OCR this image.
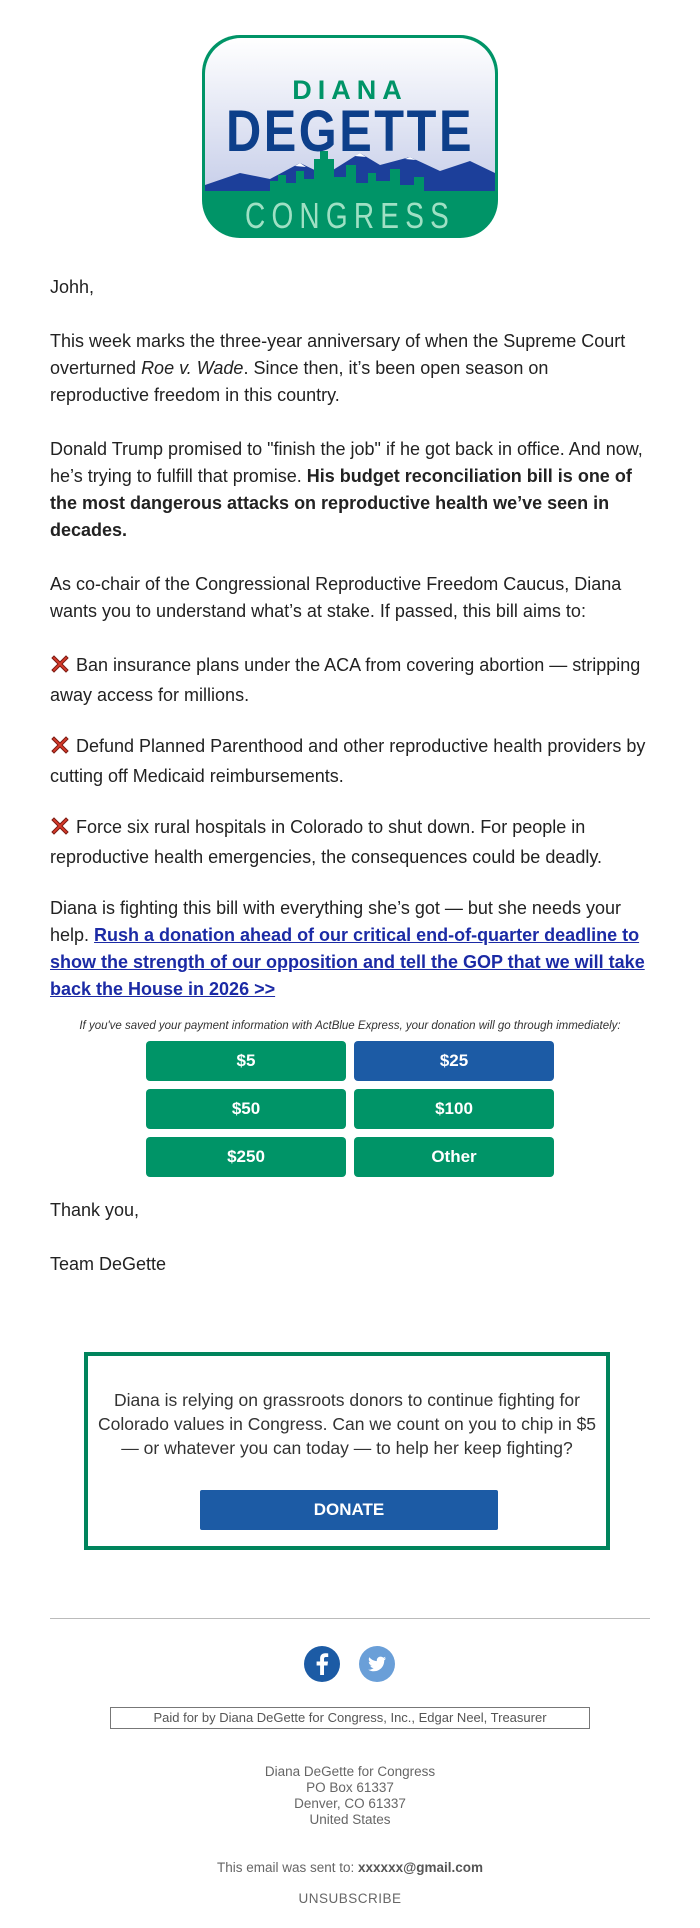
DIANA
DEGETTE
CONGRESS
Johh,

This week marks the three-year anniversary of when the Supreme Court overturned Roe v. Wade. Since then, it’s been open season on reproductive freedom in this country.

Donald Trump promised to "finish the job" if he got back in office. And now, he’s trying to fulfill that promise. His budget reconciliation bill is one of the most dangerous attacks on reproductive health we’ve seen in decades.

As co-chair of the Congressional Reproductive Freedom Caucus, Diana wants you to understand what’s at stake. If passed, this bill aims to:

Ban insurance plans under the ACA from covering abortion — stripping away access for millions.

Defund Planned Parenthood and other reproductive health providers by cutting off Medicaid reimbursements.

Force six rural hospitals in Colorado to shut down. For people in reproductive health emergencies, the consequences could be deadly.

Diana is fighting this bill with everything she’s got — but she needs your help. Rush a donation ahead of our critical end-of-quarter deadline to show the strength of our opposition and tell the GOP that we will take back the House in 2026 >>

If you've saved your payment information with ActBlue Express, your donation will go through immediately:
$5	$25
$50	$100
$250	Other
Thank you,
Team DeGette
Diana is relying on grassroots donors to continue fighting for Colorado values in Congress. Can we count on you to chip in $5 — or whatever you can today — to help her keep fighting?
DONATE
Paid for by Diana DeGette for Congress, Inc., Edgar Neel, Treasurer
Diana DeGette for Congress
PO Box 61337
Denver, CO 61337
United States
This email was sent to: xxxxxx@gmail.com
UNSUBSCRIBE
